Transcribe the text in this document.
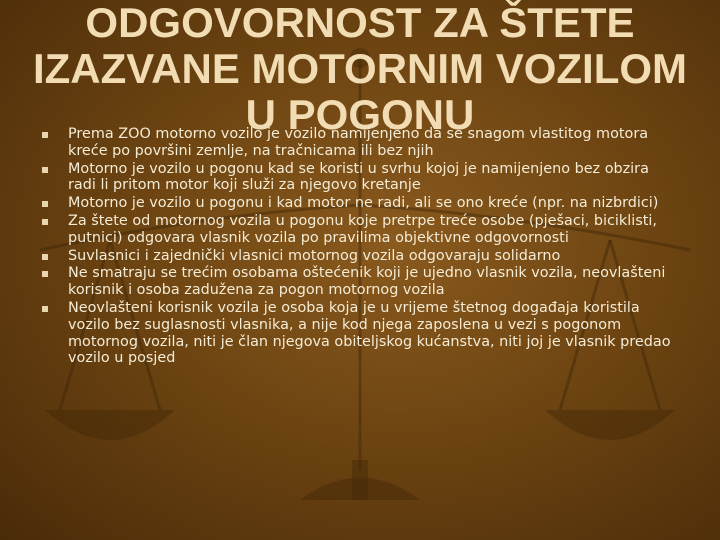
ODGOVORNOST ZA ŠTETE
IZAZVANE MOTORNIM VOZILOM
U POGONU
Prema ZOO motorno vozilo je vozilo namijenjeno da se snagom vlastitog motora kreće po površini zemlje, na tračnicama ili bez njih
Motorno je vozilo u pogonu kad se koristi u svrhu kojoj je namijenjeno bez obzira radi li pritom motor koji služi za njegovo kretanje
Motorno je vozilo u pogonu i kad motor ne radi, ali se ono kreće (npr. na nizbrdici)
Za štete od motornog vozila u pogonu koje pretrpe treće osobe (pješaci, biciklisti, putnici) odgovara vlasnik vozila po pravilima objektivne odgovornosti
Suvlasnici i zajednički vlasnici motornog vozila odgovaraju solidarno
Ne smatraju se trećim osobama oštećenik koji je ujedno vlasnik vozila, neovlašteni korisnik i osoba zadužena za pogon motornog vozila
Neovlašteni korisnik vozila je osoba koja je u vrijeme štetnog događaja koristila vozilo bez suglasnosti vlasnika, a nije kod njega zaposlena u vezi s pogonom motornog vozila, niti je član njegova obiteljskog kućanstva, niti joj je vlasnik predao vozilo u posjed
